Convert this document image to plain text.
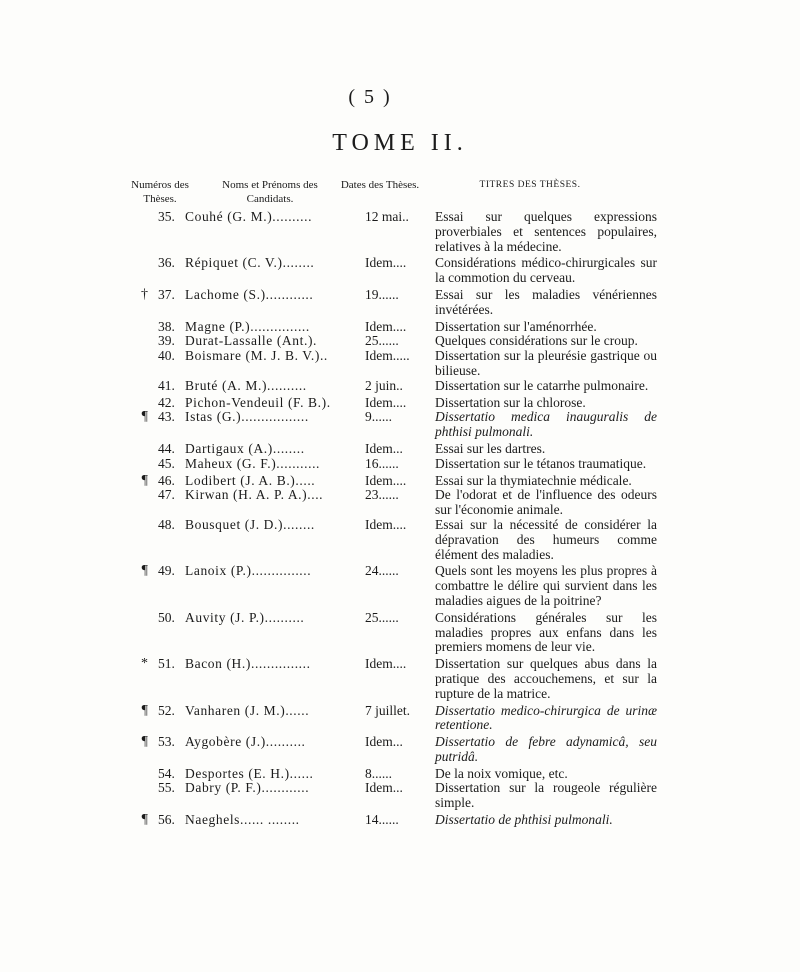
( 5 )
TOME II.
Numéros des Thèses.
Noms et Prénoms des Candidats.
Dates des Thèses.	TITRES DES THÈSES.
35. Couhé (G. M.)..........	12 mai..	Essai sur quelques expressions proverbiales et sentences populaires, relatives à la médecine.
36. Répiquet (C. V.)........	Idem....	Considérations médico-chirurgicales sur la commotion du cerveau.
† 37. Lachome (S.)............	19......	Essai sur les maladies vénériennes invétérées.
38. Magne (P.)...............	Idem....	Dissertation sur l'aménorrhée.
39. Durat-Lassalle (Ant.).	25......	Quelques considérations sur le croup.
40. Boismare (M. J. B. V.)..	Idem.....	Dissertation sur la pleurésie gastrique ou bilieuse.
41. Bruté (A. M.)..........	2 juin..	Dissertation sur le catarrhe pulmonaire.
42. Pichon-Vendeuil (F. B.).	Idem....	Dissertation sur la chlorose.
¶ 43. Istas (G.).................	9......	Dissertatio medica inauguralis de phthisi pulmonali.
44. Dartigaux (A.)........	Idem...	Essai sur les dartres.
45. Maheux (G. F.)...........	16......	Dissertation sur le tétanos traumatique.
¶ 46. Lodibert (J. A. B.).....	Idem....	Essai sur la thymiatechnie médicale.
47. Kirwan (H. A. P. A.)....	23......	De l'odorat et de l'influence des odeurs sur l'économie animale.
48. Bousquet (J. D.)........	Idem....	Essai sur la nécessité de considérer la dépravation des humeurs comme élément des maladies.
¶ 49. Lanoix (P.)...............	24......	Quels sont les moyens les plus propres à combattre le délire qui survient dans les maladies aigues de la poitrine?
50. Auvity (J. P.)..........	25......	Considérations générales sur les maladies propres aux enfans dans les premiers momens de leur vie.
* 51. Bacon (H.)...............	Idem....	Dissertation sur quelques abus dans la pratique des accouchemens, et sur la rupture de la matrice.
¶ 52. Vanharen (J. M.)......	7 juillet.	Dissertatio medico-chirurgica de urinæ retentione.
¶ 53. Aygobère (J.)..........	Idem...	Dissertatio de febre adynamicâ, seu putridâ.
54. Desportes (E. H.)......	8......	De la noix vomique, etc.
55. Dabry (P. F.)............	Idem...	Dissertation sur la rougeole régulière simple.
¶ 56. Naeghels...... ........	14......	Dissertatio de phthisi pulmonali.
